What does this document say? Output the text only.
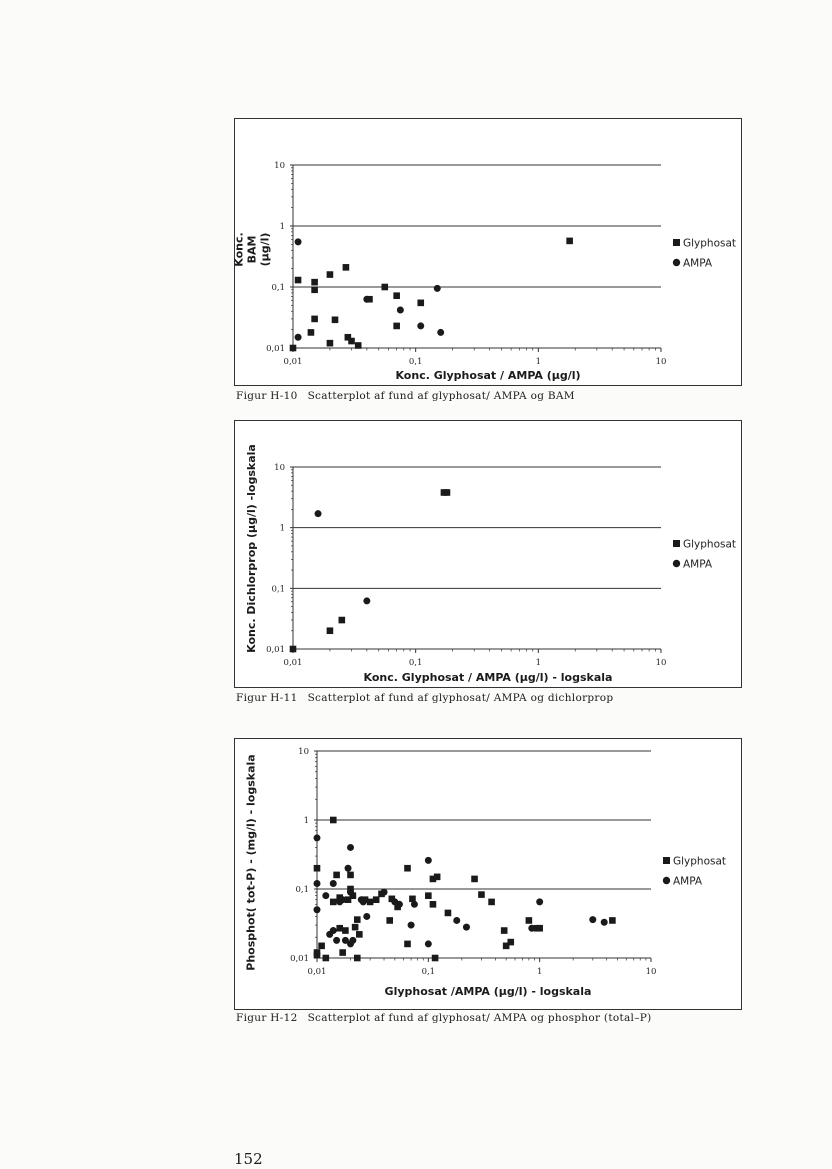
Konc. BAM (µg/l)
0,01
0,1
1
10
0,01	0,1	1	10
Glyphosat
AMPA
Konc. Glyphosat / AMPA (µg/l)
Figur H-10 Scatterplot af fund af glyphosat/ AMPA og BAM
Konc. Dichlorprop (µg/l) -logskala 0,01
0,1
1
10
0,01	0,1	1	10
Glyphosat
AMPA
Konc. Glyphosat / AMPA (µg/l) - logskala
Figur H-11 Scatterplot af fund af glyphosat/ AMPA og dichlorprop
Phosphot( tot-P) - (mg/l) - logskala	0,01
0,1
1
10
0,01	0,1	1	10
Glyphosat
AMPA
Glyphosat /AMPA (µg/l) - logskala
Figur H-12 Scatterplot af fund af glyphosat/ AMPA og phosphor (total–P)
152
